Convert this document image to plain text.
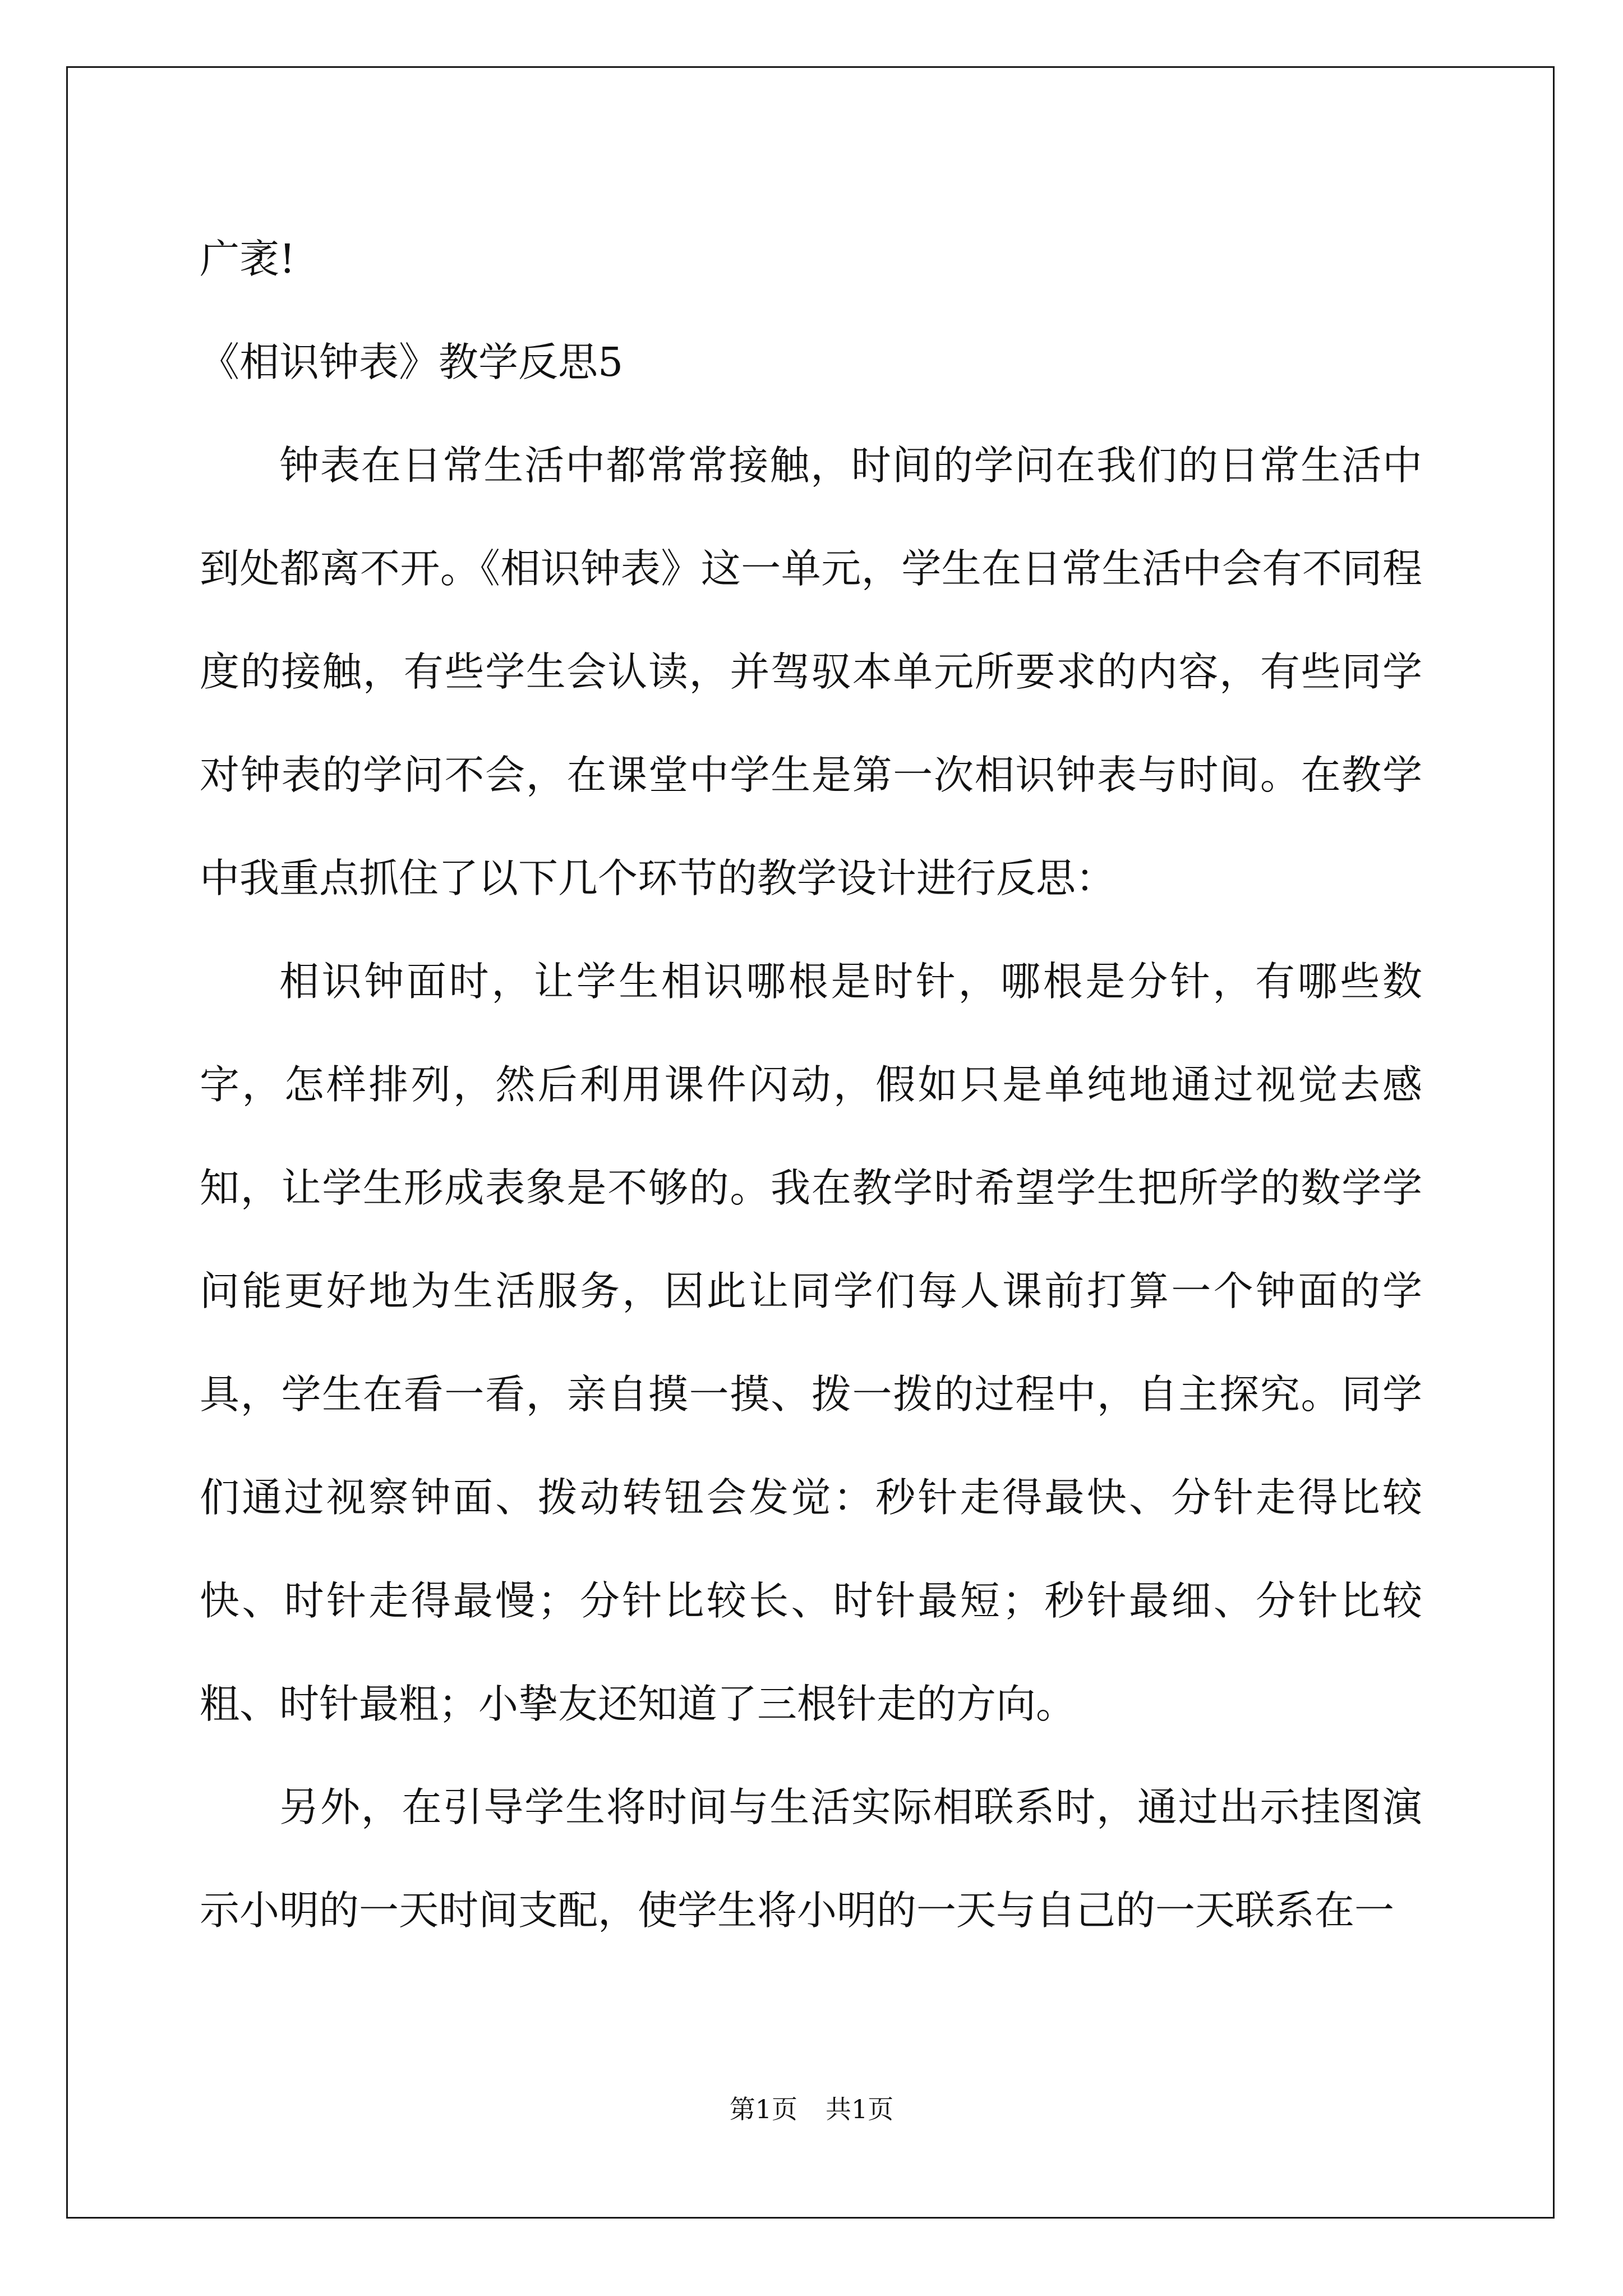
广袤!

《相识钟表》教学反思5

钟表在日常生活中都常常接触，时间的学问在我们的日常生活中到处都离不开。《相识钟表》这一单元，学生在日常生活中会有不同程度的接触，有些学生会认读，并驾驭本单元所要求的内容，有些同学对钟表的学问不会，在课堂中学生是第一次相识钟表与时间。在教学中我重点抓住了以下几个环节的教学设计进行反思：

相识钟面时，让学生相识哪根是时针，哪根是分针，有哪些数字，怎样排列，然后利用课件闪动，假如只是单纯地通过视觉去感知，让学生形成表象是不够的。我在教学时希望学生把所学的数学学问能更好地为生活服务，因此让同学们每人课前打算一个钟面的学具，学生在看一看，亲自摸一摸、拨一拨的过程中，自主探究。同学们通过视察钟面、拨动转钮会发觉：秒针走得最快、分针走得比较快、时针走得最慢；分针比较长、时针最短；秒针最细、分针比较粗、时针最粗；小挚友还知道了三根针走的方向。

另外，在引导学生将时间与生活实际相联系时，通过出示挂图演示小明的一天时间支配，使学生将小明的一天与自己的一天联系在一

第1页 共1页
